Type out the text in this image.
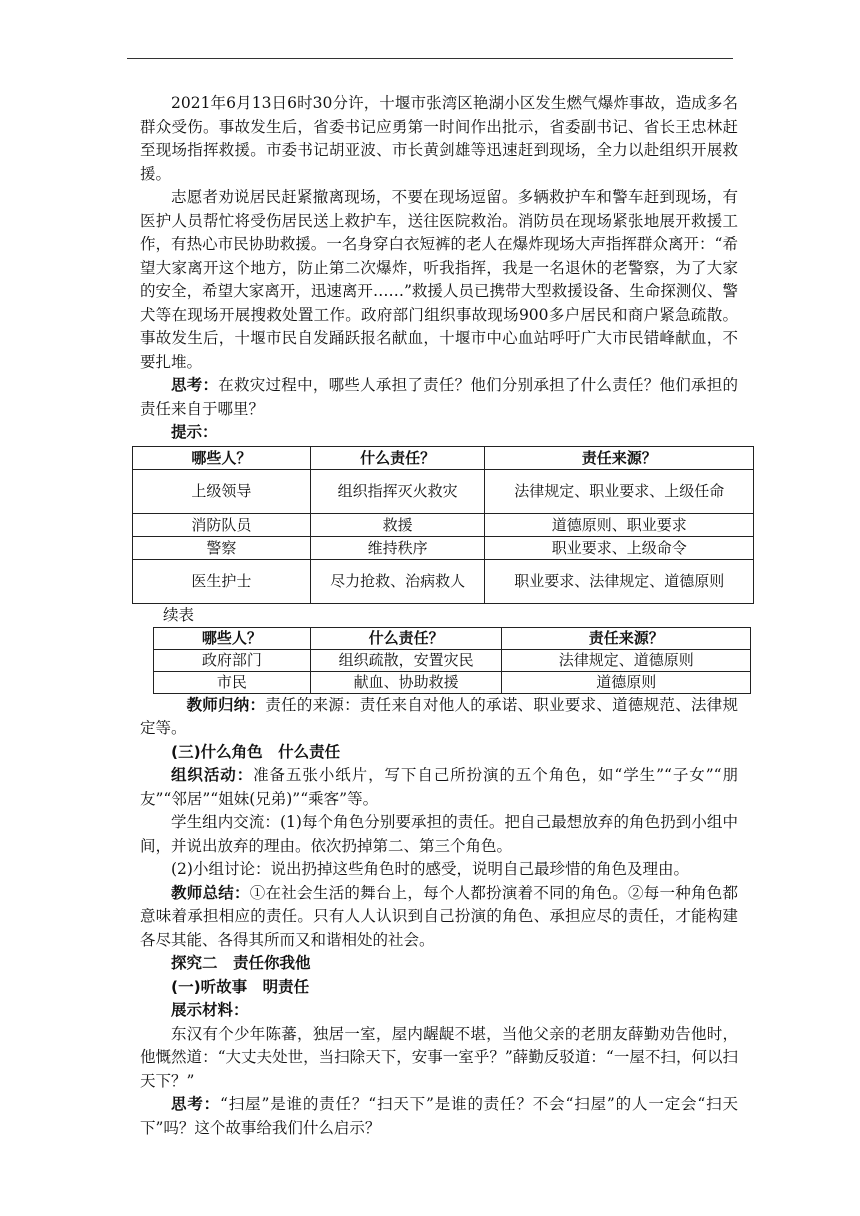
2021年6月13日6时30分许，十堰市张湾区艳湖小区发生燃气爆炸事故，造成多名群众受伤。事故发生后，省委书记应勇第一时间作出批示，省委副书记、省长王忠林赶至现场指挥救援。市委书记胡亚波、市长黄剑雄等迅速赶到现场，全力以赴组织开展救援。

志愿者劝说居民赶紧撤离现场，不要在现场逗留。多辆救护车和警车赶到现场，有医护人员帮忙将受伤居民送上救护车，送往医院救治。消防员在现场紧张地展开救援工作，有热心市民协助救援。一名身穿白衣短裤的老人在爆炸现场大声指挥群众离开：“希望大家离开这个地方，防止第二次爆炸，听我指挥，我是一名退休的老警察，为了大家的安全，希望大家离开，迅速离开……”救援人员已携带大型救援设备、生命探测仪、警犬等在现场开展搜救处置工作。政府部门组织事故现场900多户居民和商户紧急疏散。事故发生后，十堰市民自发踊跃报名献血，十堰市中心血站呼吁广大市民错峰献血，不要扎堆。

思考：在救灾过程中，哪些人承担了责任？他们分别承担了什么责任？他们承担的责任来自于哪里？

提示：

哪些人？	什么责任？	责任来源？
上级领导	组织指挥灭火救灾	法律规定、职业要求、上级任命
消防队员	救援	道德原则、职业要求
警察	维持秩序	职业要求、上级命令
医生护士	尽力抢救、治病救人	职业要求、法律规定、道德原则

续表

哪些人？	什么责任？	责任来源？
政府部门	组织疏散，安置灾民	法律规定、道德原则
市民	献血、协助救援	道德原则

教师归纳：责任的来源：责任来自对他人的承诺、职业要求、道德规范、法律规定等。

(三)什么角色　什么责任

组织活动：准备五张小纸片，写下自己所扮演的五个角色，如“学生”“子女”“朋友”“邻居”“姐妹(兄弟)”“乘客”等。

学生组内交流：(1)每个角色分别要承担的责任。把自己最想放弃的角色扔到小组中间，并说出放弃的理由。依次扔掉第二、第三个角色。

(2)小组讨论：说出扔掉这些角色时的感受，说明自己最珍惜的角色及理由。

教师总结：①在社会生活的舞台上，每个人都扮演着不同的角色。②每一种角色都意味着承担相应的责任。只有人人认识到自己扮演的角色、承担应尽的责任，才能构建各尽其能、各得其所而又和谐相处的社会。

探究二　责任你我他

(一)听故事　明责任

展示材料：

东汉有个少年陈蕃，独居一室，屋内龌龊不堪，当他父亲的老朋友薛勤劝告他时，他慨然道：“大丈夫处世，当扫除天下，安事一室乎？”薛勤反驳道：“一屋不扫，何以扫天下？”

思考：“扫屋”是谁的责任？“扫天下”是谁的责任？不会“扫屋”的人一定会“扫天下”吗？这个故事给我们什么启示？
